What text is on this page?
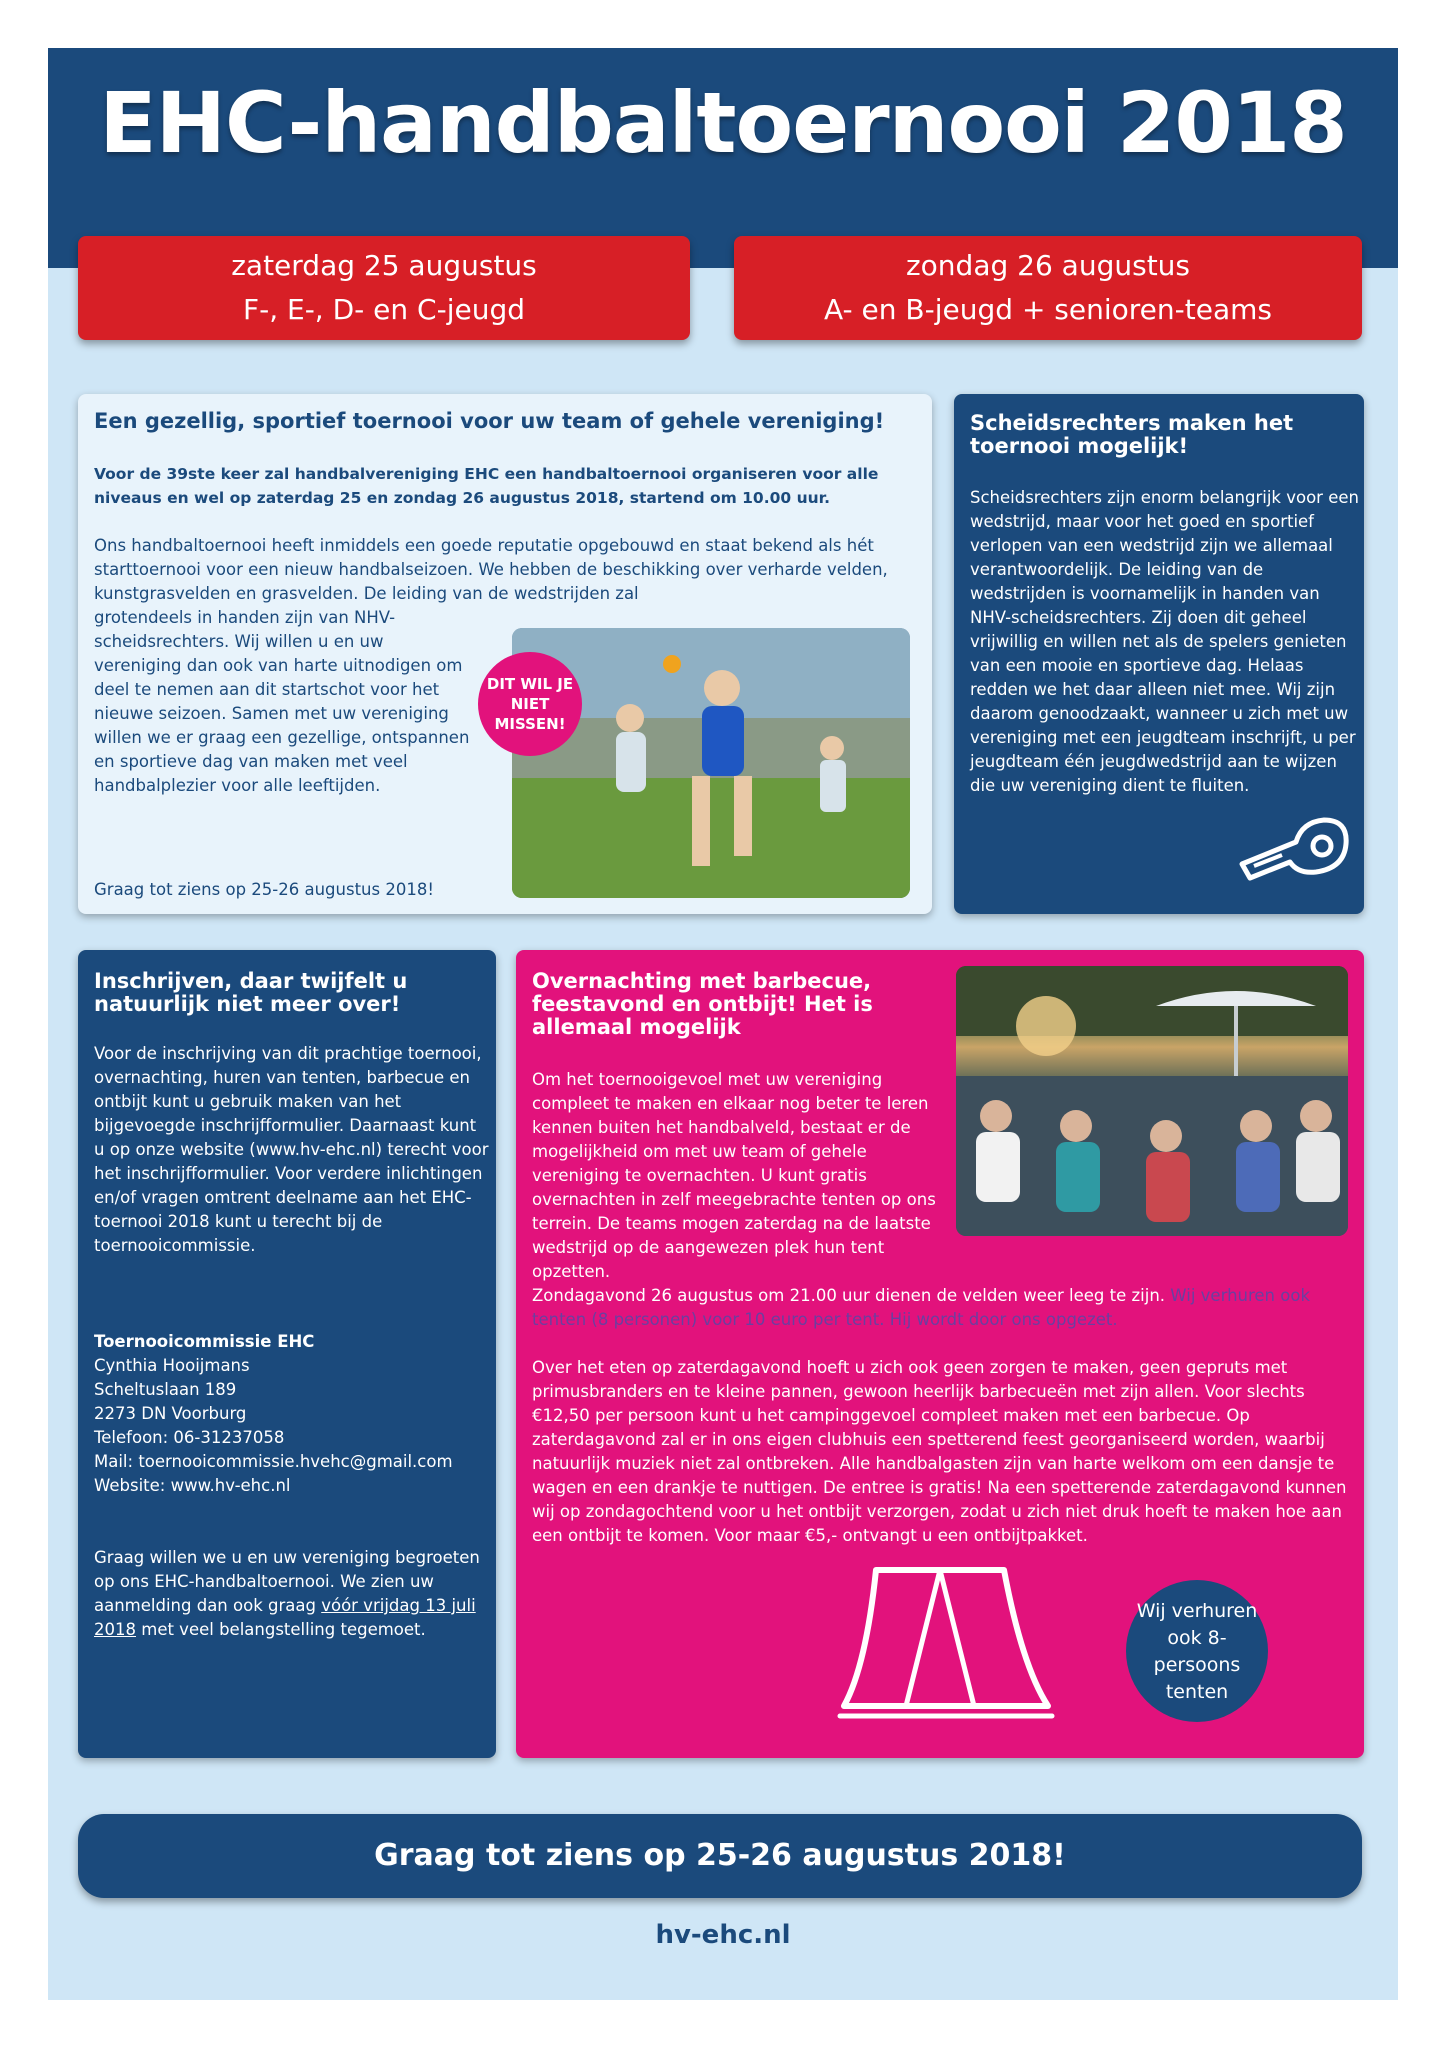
EHC-handbaltoernooi 2018
zaterdag 25 augustus
F-, E-, D- en C-jeugd
zondag 26 augustus
A- en B-jeugd + senioren-teams
Een gezellig, sportief toernooi voor uw team of gehele vereniging!
Voor de 39ste keer zal handbalvereniging EHC een handbaltoernooi organiseren voor alle niveaus en wel op zaterdag 25 en zondag 26 augustus 2018, startend om 10.00 uur.
Ons handbaltoernooi heeft inmiddels een goede reputatie opgebouwd en staat bekend als hét starttoernooi voor een nieuw handbalseizoen. We hebben de beschikking over verharde velden, kunstgrasvelden en grasvelden. De leiding van de wedstrijden zal
grotendeels in handen zijn van NHV-scheidsrechters. Wij willen u en uw vereniging dan ook van harte uitnodigen om deel te nemen aan dit startschot voor het nieuwe seizoen. Samen met uw vereniging willen we er graag een gezellige, ontspannen en sportieve dag van maken met veel handbalplezier voor alle leeftijden.
Graag tot ziens op 25-26 augustus 2018!
DIT WIL JE NIET MISSEN!
Scheidsrechters maken het toernooi mogelijk!
Scheidsrechters zijn enorm belangrijk voor een wedstrijd, maar voor het goed en sportief verlopen van een wedstrijd zijn we allemaal verantwoordelijk. De leiding van de wedstrijden is voornamelijk in handen van NHV-scheidsrechters. Zij doen dit geheel vrijwillig en willen net als de spelers genieten van een mooie en sportieve dag. Helaas redden we het daar alleen niet mee. Wij zijn daarom genoodzaakt, wanneer u zich met uw vereniging met een jeugdteam inschrijft, u per jeugdteam één jeugdwedstrijd aan te wijzen die uw vereniging dient te fluiten.
Inschrijven, daar twijfelt u natuurlijk niet meer over!
Voor de inschrijving van dit prachtige toernooi, overnachting, huren van tenten, barbecue en ontbijt kunt u gebruik maken van het bijgevoegde inschrijfformulier. Daarnaast kunt u op onze website (www.hv-ehc.nl) terecht voor het inschrijfformulier. Voor verdere inlichtingen en/of vragen omtrent deelname aan het EHC-toernooi 2018 kunt u terecht bij de toernooicommissie.
Toernooicommissie EHC
Cynthia Hooijmans
Scheltuslaan 189
2273 DN Voorburg
Telefoon: 06-31237058
Mail: toernooicommissie.hvehc@gmail.com
Website: www.hv-ehc.nl
Graag willen we u en uw vereniging begroeten op ons EHC-handbaltoernooi. We zien uw aanmelding dan ook graag vóór vrijdag 13 juli 2018 met veel belangstelling tegemoet.
Overnachting met barbecue, feestavond en ontbijt! Het is allemaal mogelijk
Om het toernooigevoel met uw vereniging compleet te maken en elkaar nog beter te leren kennen buiten het handbalveld, bestaat er de mogelijkheid om met uw team of gehele vereniging te overnachten. U kunt gratis overnachten in zelf meegebrachte tenten op ons terrein. De teams mogen zaterdag na de laatste wedstrijd op de aangewezen plek hun tent opzetten.
Zondagavond 26 augustus om 21.00 uur dienen de velden weer leeg te zijn. Wij verhuren ook tenten (8 personen) voor 10 euro per tent. Hij wordt door ons opgezet.
Over het eten op zaterdagavond hoeft u zich ook geen zorgen te maken, geen gepruts met primusbranders en te kleine pannen, gewoon heerlijk barbecueën met zijn allen. Voor slechts €12,50 per persoon kunt u het campinggevoel compleet maken met een barbecue. Op zaterdagavond zal er in ons eigen clubhuis een spetterend feest georganiseerd worden, waarbij natuurlijk muziek niet zal ontbreken. Alle handbalgasten zijn van harte welkom om een dansje te wagen en een drankje te nuttigen. De entree is gratis! Na een spetterende zaterdagavond kunnen wij op zondagochtend voor u het ontbijt verzorgen, zodat u zich niet druk hoeft te maken hoe aan een ontbijt te komen. Voor maar €5,- ontvangt u een ontbijtpakket.
Wij verhuren ook 8-persoons tenten
Graag tot ziens op 25-26 augustus 2018!
hv-ehc.nl
